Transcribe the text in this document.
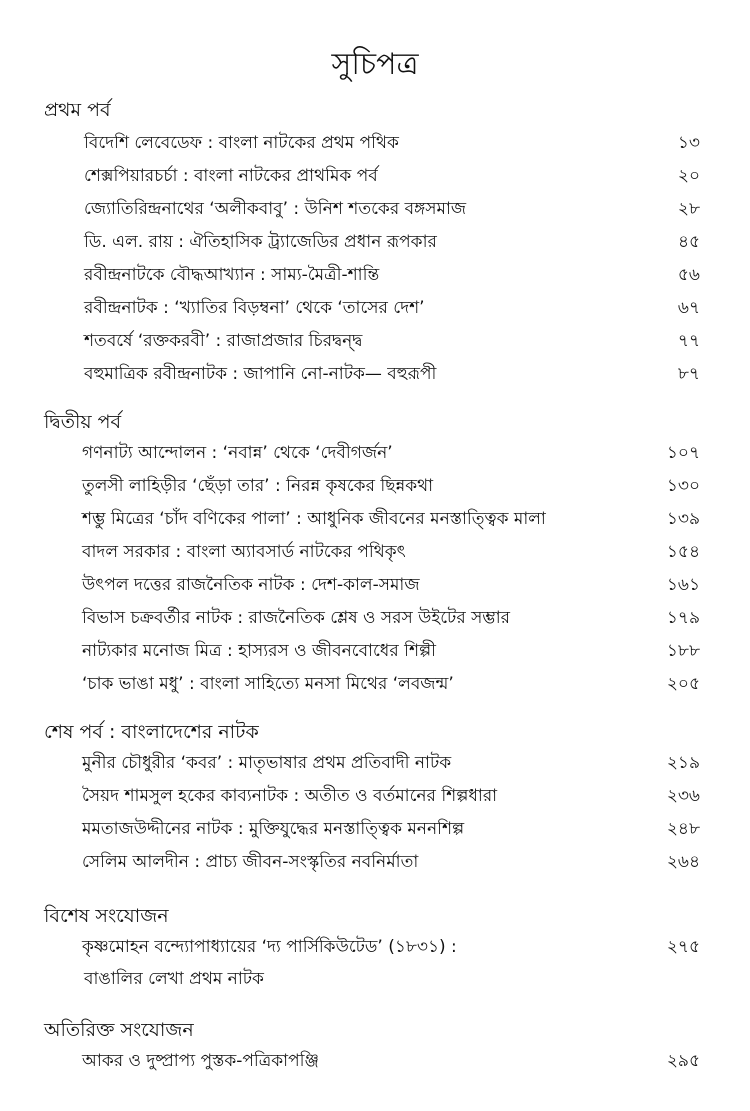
সুচিপত্র
প্রথম পর্ব
বিদেশি লেবেডেফ : বাংলা নাটকের প্রথম পথিক	১৩
শেক্সপিয়ারচর্চা : বাংলা নাটকের প্রাথমিক পর্ব	২০
জ্যোতিরিন্দ্রনাথের ‘অলীকবাবু’ : উনিশ শতকের বঙ্গসমাজ	২৮
ডি. এল. রায় : ঐতিহাসিক ট্র্যাজেডির প্রধান রূপকার	৪৫
রবীন্দ্রনাটকে বৌদ্ধআখ্যান : সাম্য-মৈত্রী-শান্তি	৫৬
রবীন্দ্রনাটক : ‘খ্যাতির বিড়ম্বনা’ থেকে ‘তাসের দেশ’	৬৭
শতবর্ষে ‘রক্তকরবী’ : রাজাপ্রজার চিরদ্বন্দ্ব	৭৭
বহুমাত্রিক রবীন্দ্রনাটক : জাপানি নো-নাটক— বহুরূপী	৮৭
দ্বিতীয় পর্ব
গণনাট্য আন্দোলন : ‘নবান্ন’ থেকে ‘দেবীগর্জন’	১০৭
তুলসী লাহিড়ীর ‘ছেঁড়া তার’ : নিরন্ন কৃষকের ছিন্নকথা	১৩০
শম্ভু মিত্রের ‘চাঁদ বণিকের পালা’ : আধুনিক জীবনের মনস্তাত্ত্বিক মালা	১৩৯
বাদল সরকার : বাংলা অ্যাবসার্ড নাটকের পথিকৃৎ	১৫৪
উৎপল দত্তের রাজনৈতিক নাটক : দেশ-কাল-সমাজ	১৬১
বিভাস চক্রবর্তীর নাটক : রাজনৈতিক শ্লেষ ও সরস উইটের সম্ভার	১৭৯
নাট্যকার মনোজ মিত্র : হাস্যরস ও জীবনবোধের শিল্পী	১৮৮
‘চাক ভাঙা মধু’ : বাংলা সাহিত্যে মনসা মিথের ‘লবজন্ম’	২০৫
শেষ পর্ব : বাংলাদেশের নাটক
মুনীর চৌধুরীর ‘কবর’ : মাতৃভাষার প্রথম প্রতিবাদী নাটক	২১৯
সৈয়দ শামসুল হকের কাব্যনাটক : অতীত ও বর্তমানের শিল্পধারা	২৩৬
মমতাজউদ্দীনের নাটক : মুক্তিযুদ্ধের মনস্তাত্ত্বিক মননশিল্প	২৪৮
সেলিম আলদীন : প্রাচ্য জীবন-সংস্কৃতির নবনির্মাতা	২৬৪
বিশেষ সংযোজন
কৃষ্ণমোহন বন্দ্যোপাধ্যায়ের ‘দ্য পার্সিকিউটেড’ (১৮৩১) :
বাঙালির লেখা প্রথম নাটক
২৭৫
অতিরিক্ত সংযোজন
আকর ও দুষ্প্রাপ্য পুস্তক-পত্রিকাপঞ্জি	২৯৫
